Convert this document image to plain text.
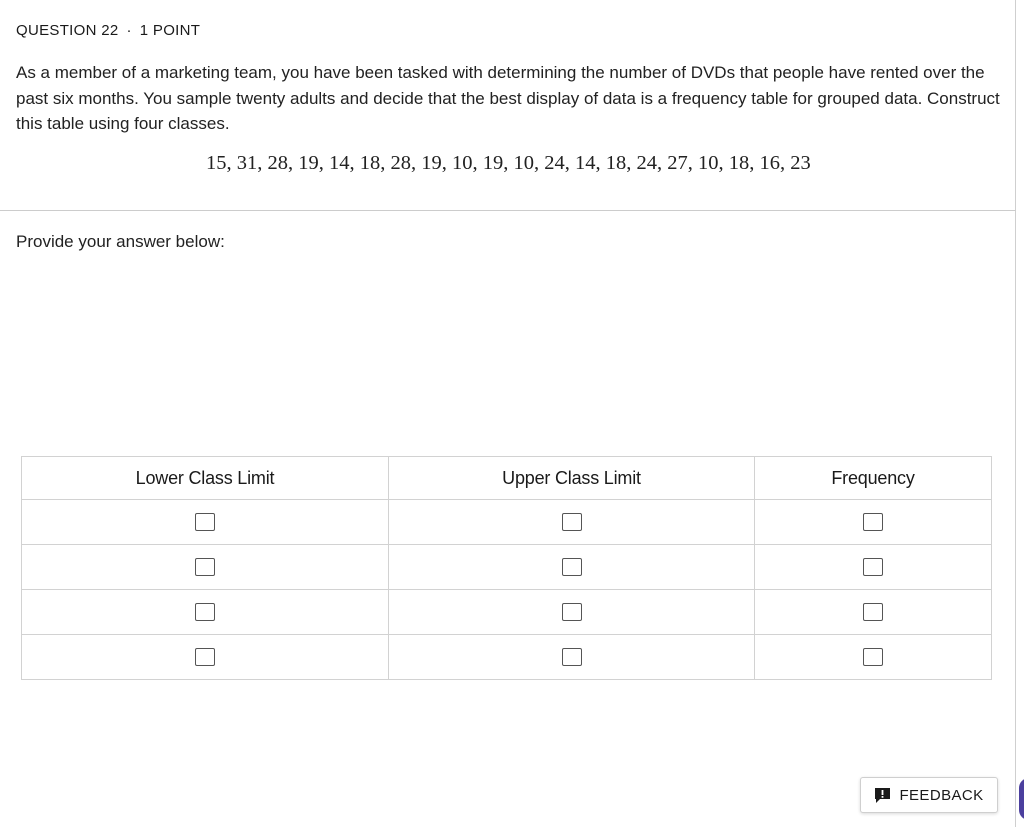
QUESTION 22 · 1 POINT
As a member of a marketing team, you have been tasked with determining the number of DVDs that people have rented over the past six months. You sample twenty adults and decide that the best display of data is a frequency table for grouped data. Construct this table using four classes.
15, 31, 28, 19, 14, 18, 28, 19, 10, 19, 10, 24, 14, 18, 24, 27, 10, 18, 16, 23
Provide your answer below:
Lower Class Limit	Upper Class Limit	Frequency

FEEDBACK
